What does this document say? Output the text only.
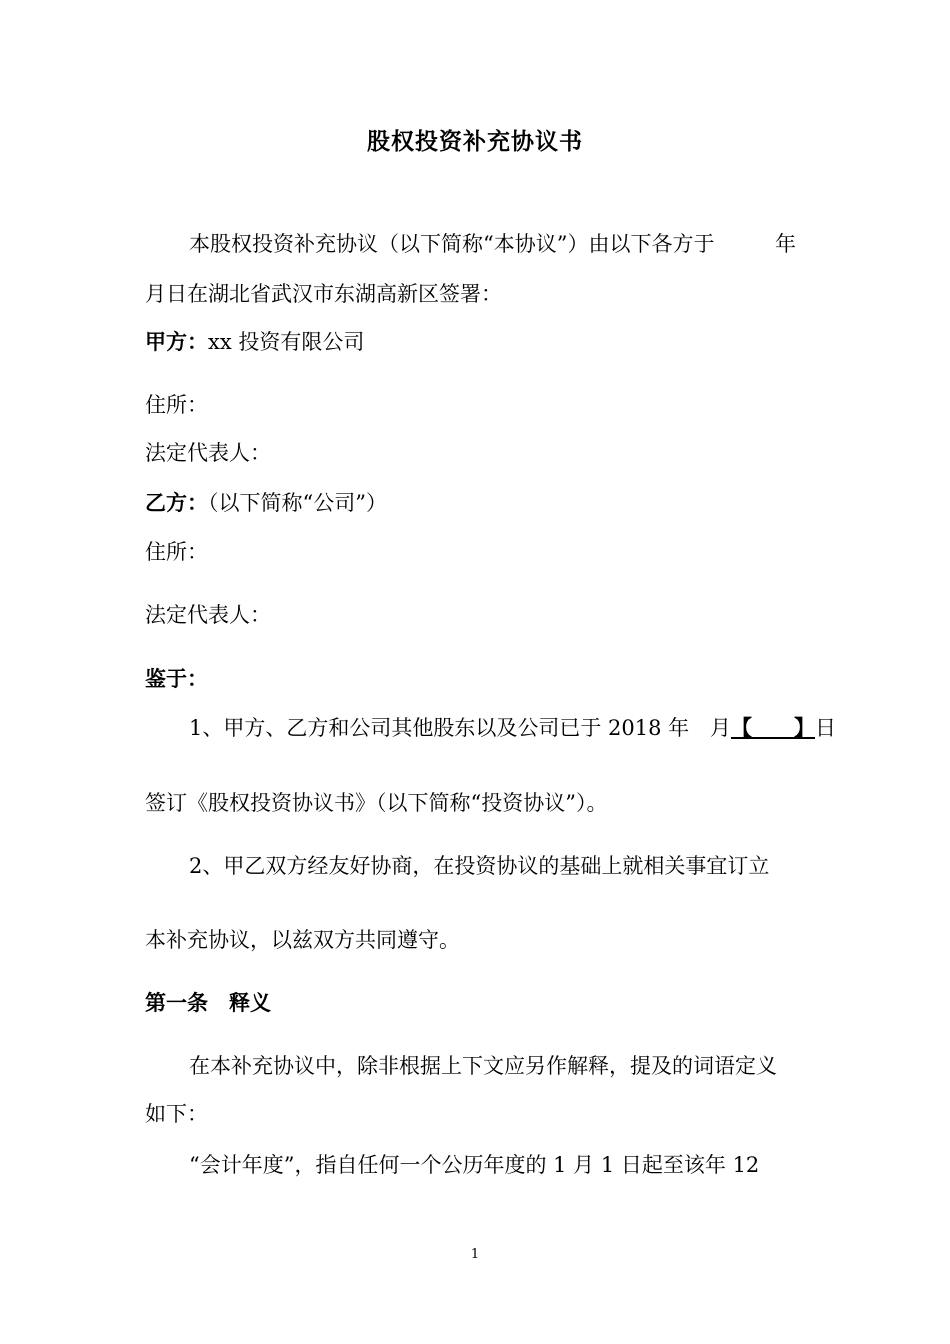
股权投资补充协议书
本股权投资补充协议（以下简称“本协议”）由以下各方于	年
月日在湖北省武汉市东湖高新区签署：
甲方：xx 投资有限公司
住所：
法定代表人：
乙方：（以下简称“公司”）
住所：
法定代表人：
鉴于：
1、甲方、乙方和公司其他股东以及公司已于 2018 年 月【　　】日
签订《股权投资协议书》（以下简称“投资协议”）。
2、甲乙双方经友好协商，在投资协议的基础上就相关事宜订立
本补充协议，以兹双方共同遵守。
第一条　释义
在本补充协议中，除非根据上下文应另作解释，提及的词语定义
如下：
“会计年度”，指自任何一个公历年度的 1 月 1 日起至该年 12
1
